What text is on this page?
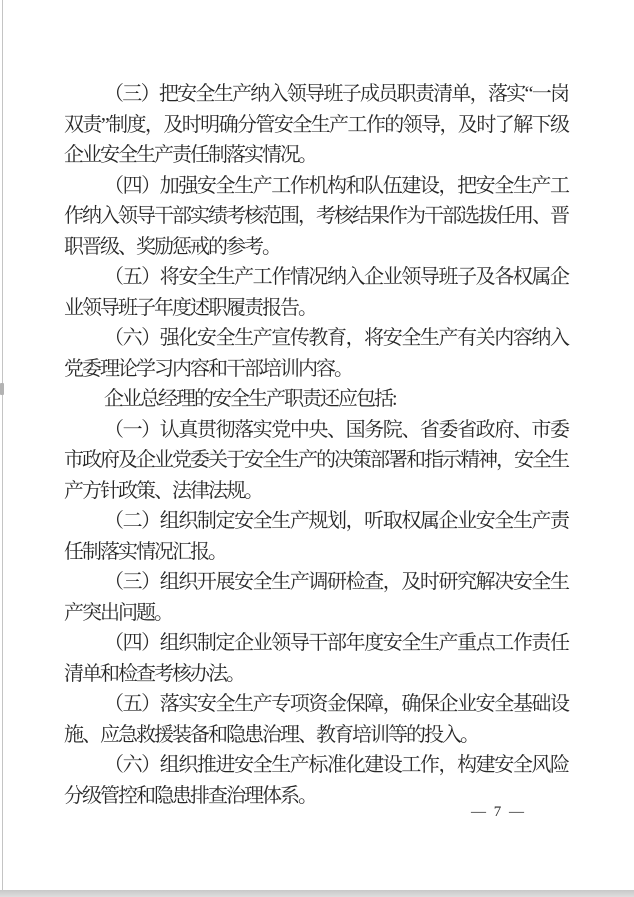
（三）把安全生产纳入领导班子成员职责清单，落实“一岗双责”制度，及时明确分管安全生产工作的领导，及时了解下级企业安全生产责任制落实情况。

（四）加强安全生产工作机构和队伍建设，把安全生产工作纳入领导干部实绩考核范围，考核结果作为干部选拔任用、晋职晋级、奖励惩戒的参考。

（五）将安全生产工作情况纳入企业领导班子及各权属企业领导班子年度述职履责报告。

（六）强化安全生产宣传教育，将安全生产有关内容纳入党委理论学习内容和干部培训内容。

企业总经理的安全生产职责还应包括:

（一）认真贯彻落实党中央、国务院、省委省政府、市委市政府及企业党委关于安全生产的决策部署和指示精神，安全生产方针政策、法律法规。

（二）组织制定安全生产规划，听取权属企业安全生产责任制落实情况汇报。

（三）组织开展安全生产调研检查，及时研究解决安全生产突出问题。

（四）组织制定企业领导干部年度安全生产重点工作责任清单和检查考核办法。

（五）落实安全生产专项资金保障，确保企业安全基础设施、应急救援装备和隐患治理、教育培训等的投入。

（六）组织推进安全生产标准化建设工作，构建安全风险分级管控和隐患排查治理体系。

— 7 —
